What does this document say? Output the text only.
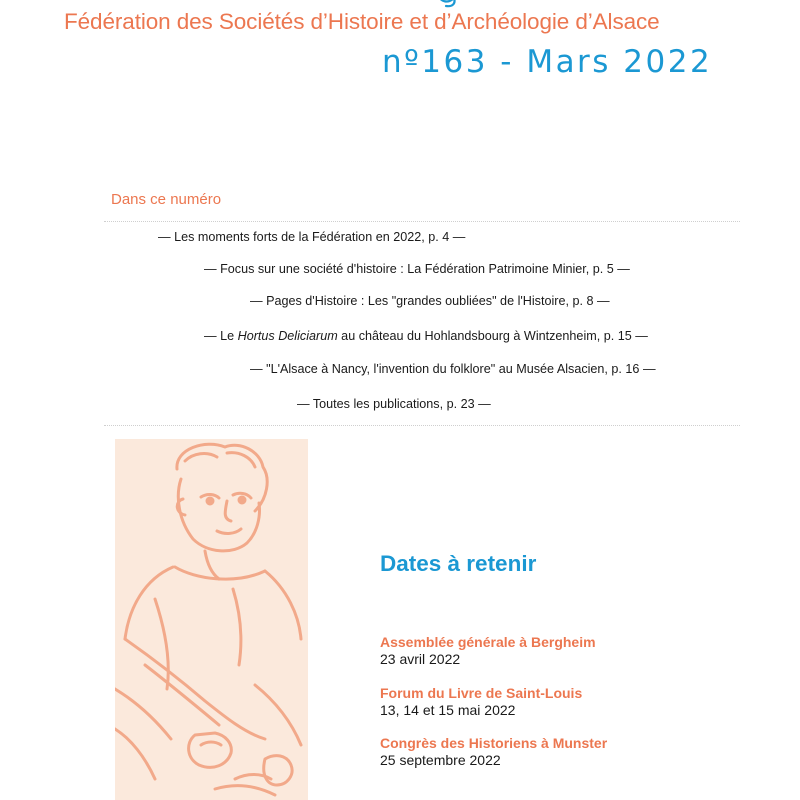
Fédération des Sociétés d’Histoire et d’Archéologie d’Alsace
nº163 - Mars 2022
Dans ce numéro
— Les moments forts de la Fédération en 2022, p. 4 —
— Focus sur une société d'histoire : La Fédération Patrimoine Minier, p. 5 —
— Pages d'Histoire : Les "grandes oubliées" de l'Histoire, p. 8 —
— Le Hortus Deliciarum au château du Hohlandsbourg à Wintzenheim, p. 15 —
— "L'Alsace à Nancy, l'invention du folklore" au Musée Alsacien, p. 16 —
— Toutes les publications, p. 23 —
Dates à retenir
Assemblée générale à Bergheim
23 avril 2022
Forum du Livre de Saint-Louis
13, 14 et 15 mai 2022
Congrès des Historiens à Munster
25 septembre 2022
